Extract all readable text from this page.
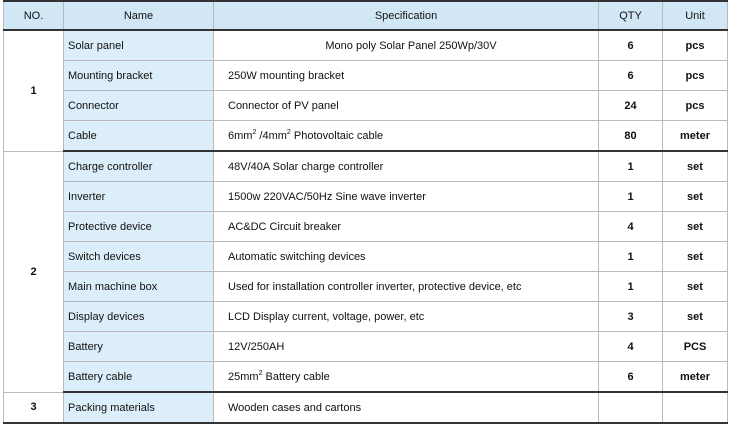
NO.	Name	Specification	QTY	Unit
1	Solar panel	Mono poly Solar Panel 250Wp/30V	6	pcs
	Mounting bracket	250W mounting bracket	6	pcs
	Connector	Connector of PV panel	24	pcs
	Cable	$6mm^2$ $/4mm^2$ Photovoltaic cable	80	meter
2	Charge controller	48V/40A Solar charge controller	1	set
	Inverter	1500w 220VAC/50Hz Sine wave inverter	1	set
	Protective device	AC&DC Circuit breaker	4	set
	Switch devices	Automatic switching devices	1	set
	Main machine box	Used for installation controller inverter, protective device, etc	1	set
	Display devices	LCD Display current, voltage, power, etc	3	set
	Battery	12V/250AH	4	PCS
	Battery cable	$25mm^2$ Battery cable	6	meter
3	Packing materials	Wooden cases and cartons		
